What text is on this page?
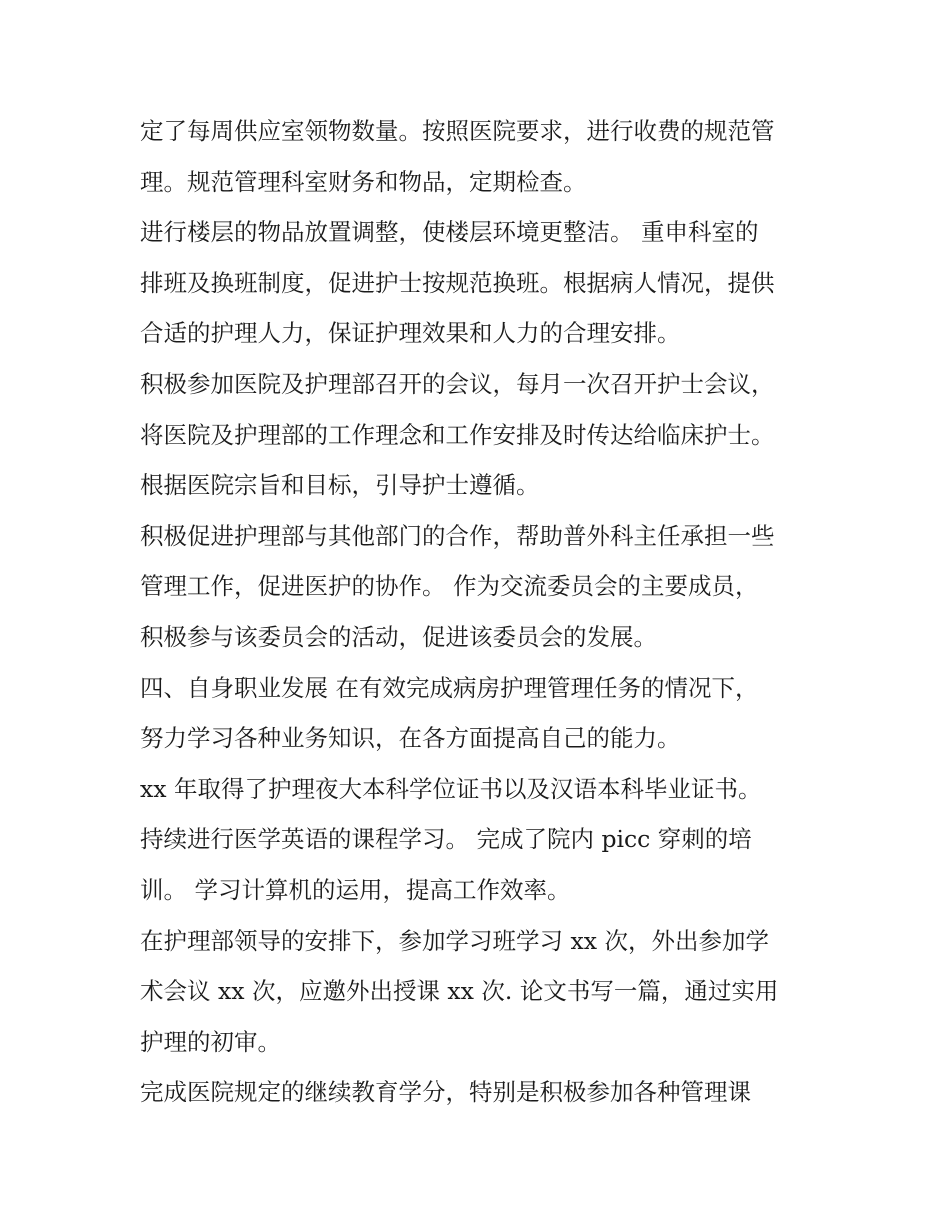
定了每周供应室领物数量。按照医院要求，进行收费的规范管
理。规范管理科室财务和物品，定期检查。
进行楼层的物品放置调整，使楼层环境更整洁。 重申科室的
排班及换班制度，促进护士按规范换班。根据病人情况，提供
合适的护理人力，保证护理效果和人力的合理安排。
积极参加医院及护理部召开的会议，每月一次召开护士会议，
将医院及护理部的工作理念和工作安排及时传达给临床护士。
根据医院宗旨和目标，引导护士遵循。
积极促进护理部与其他部门的合作，帮助普外科主任承担一些
管理工作，促进医护的协作。 作为交流委员会的主要成员，
积极参与该委员会的活动，促进该委员会的发展。
四、自身职业发展 在有效完成病房护理管理任务的情况下，
努力学习各种业务知识，在各方面提高自己的能力。
xx 年取得了护理夜大本科学位证书以及汉语本科毕业证书。
持续进行医学英语的课程学习。 完成了院内 picc 穿刺的培
训。 学习计算机的运用，提高工作效率。
在护理部领导的安排下，参加学习班学习 xx 次，外出参加学
术会议 xx 次，应邀外出授课 xx 次. 论文书写一篇，通过实用
护理的初审。
完成医院规定的继续教育学分，特别是积极参加各种管理课
